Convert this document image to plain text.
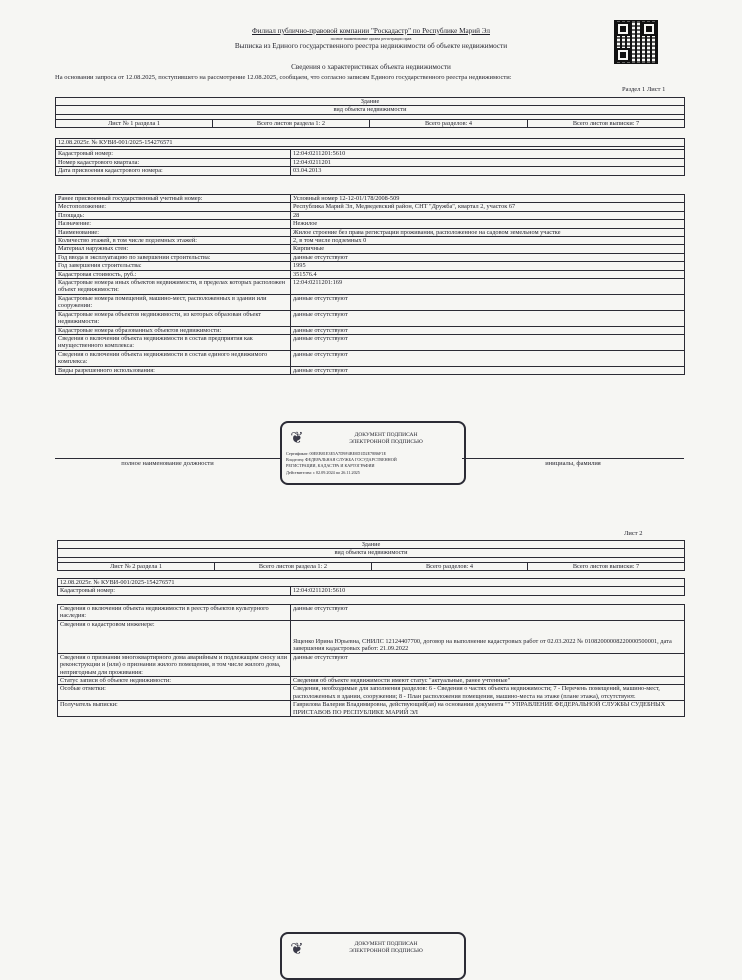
Филиал публично-правовой компании "Роскадастр" по Республике Марий Эл
полное наименование органа регистрации прав
Выписка из Единого государственного реестра недвижимости об объекте недвижимости
Сведения о характеристиках объекта недвижимости
На основании запроса от 12.08.2025, поступившего на рассмотрение 12.08.2025, сообщаем, что согласно записям Единого государственного реестра недвижимости:
Раздел 1 Лист 1
Здание
вид объекта недвижимости

Лист № 1 раздела 1	Всего листов раздела 1: 2	Всего разделов: 4	Всего листов выписки: 7
12.08.2025г. № КУВИ-001/2025-154276571	

Кадастровый номер:	12:04:0211201:5610
Номер кадастрового квартала:	12:04:0211201
Дата присвоения кадастрового номера:	03.04.2013
Ранее присвоенный государственный учетный номер:	Условный номер 12-12-01/178/2008-509
Местоположение:	Республика Марий Эл, Медведевский район, СНТ "Дружба", квартал 2, участок 67
Площадь:	28
Назначение:	Нежилое
Наименование:	Жилое строение без права регистрации проживания, расположенное на садовом земельном участке
Количество этажей, в том числе подземных этажей:	2, в том числе подземных 0
Материал наружных стен:	Кирпичные
Год ввода в эксплуатацию по завершении строительства:	данные отсутствуют
Год завершения строительства:	1995
Кадастровая стоимость, руб.:	351576.4
Кадастровые номера иных объектов недвижимости, в пределах которых расположен объект недвижимости:	12:04:0211201:169
Кадастровые номера помещений, машино-мест, расположенных в здании или сооружении:	данные отсутствуют
Кадастровые номера объектов недвижимости, из которых образован объект недвижимости:	данные отсутствуют
Кадастровые номера образованных объектов недвижимости:	данные отсутствуют
Сведения о включении объекта недвижимости в состав предприятия как имущественного комплекса:	данные отсутствуют
Сведения о включении объекта недвижимости в состав единого недвижимого комплекса:	данные отсутствуют
Виды разрешенного использования:	данные отсутствуют
❦	ДОКУМЕНТ ПОДПИСАН
ЭЛЕКТРОННОЙ ПОДПИСЬЮ
Сертификат: 00EEB81E3E5A7D9F4BE0D1D2E78B6F1E
Владелец: ФЕДЕРАЛЬНАЯ СЛУЖБА ГОСУДАРСТВЕННОЙ
РЕГИСТРАЦИИ, КАДАСТРА И КАРТОГРАФИИ
Действителен: с 02.09.2024 по 26.11.2025
полное наименование должности	инициалы, фамилия
Лист 2
Здание
вид объекта недвижимости

Лист № 2 раздела 1	Всего листов раздела 1: 2	Всего разделов: 4	Всего листов выписки: 7
12.08.2025г. № КУВИ-001/2025-154276571
Кадастровый номер:	12:04:0211201:5610
Сведения о включении объекта недвижимости в реестр объектов культурного наследия:	данные отсутствуют
Сведения о кадастровом инженере:	Ященко Ирина Юрьевна, СНИЛС 12124407700, договор на выполнение кадастровых работ от 02.03.2022 № 01082000008220000500001, дата завершения кадастровых работ: 21.09.2022
Сведения о признании многоквартирного дома аварийным и подлежащим сносу или реконструкции и (или) о признании жилого помещения, в том числе жилого дома, непригодным для проживания:	данные отсутствуют
Статус записи об объекте недвижимости:	Сведения об объекте недвижимости имеют статус "актуальные, ранее учтенные"
Особые отметки:	Сведения, необходимые для заполнения разделов: 6 - Сведения о частях объекта недвижимости; 7 - Перечень помещений, машино-мест, расположенных в здании, сооружении; 8 - План расположения помещения, машино-места на этаже (плане этажа), отсутствуют.
Получатель выписки:	Гаврилова Валерия Владимировна, действующий(ая) на основании документа "" УПРАВЛЕНИЕ ФЕДЕРАЛЬНОЙ СЛУЖБЫ СУДЕБНЫХ ПРИСТАВОВ ПО РЕСПУБЛИКЕ МАРИЙ ЭЛ
❦	ДОКУМЕНТ ПОДПИСАН
ЭЛЕКТРОННОЙ ПОДПИСЬЮ
